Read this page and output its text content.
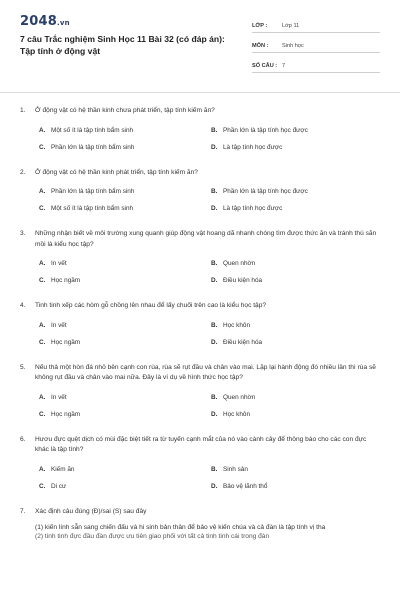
2048.vn
7 câu Trắc nghiệm Sinh Học 11 Bài 32 (có đáp án): Tập tính ở động vật
LỚP :	Lớp 11
MÔN :	Sinh học
SỐ CÂU : 7
1.	Ở động vật có hệ thần kinh chưa phát triển, tập tính kiếm ăn?
A. Một số ít là tập tính bẩm sinh	B. Phần lớn là tập tính học được
C. Phần lớn là tập tính bẩm sinh	D. Là tập tính học được
2.	Ở động vật có hệ thần kinh phát triển, tập tính kiếm ăn?
A. Phần lớn là tập tính bẩm sinh	B. Phần lớn là tập tính học được
C. Một số ít là tập tính bẩm sinh	D. Là tập tính học được
3.	Những nhận biết về môi trường xung quanh giúp động vật hoang dã nhanh chóng tìm được thức ăn và tránh thú săn mồi là kiểu học tập?
A. In vết	B. Quen nhờn
C. Học ngầm	D. Điều kiện hóa
4.	Tinh tinh xếp các hòm gỗ chồng lên nhau để lấy chuối trên cao là kiểu học tập?
A. In vết	B. Học khôn
C. Học ngầm	D. Điều kiện hóa
5.	Nếu thả một hòn đá nhỏ bên cạnh con rùa, rùa sẽ rụt đầu và chân vào mai. Lặp lại hành động đó nhiều lần thì rùa sẽ không rụt đầu và chân vào mai nữa. Đây là ví dụ về hình thức học tập?
A. In vết	B. Quen nhờn
C. Học ngầm	D. Học khôn
6.	Hươu đực quệt dịch có mùi đặc biệt tiết ra từ tuyến cạnh mắt của nó vào cành cây để thông báo cho các con đực khác là tập tính?
A. Kiếm ăn	B. Sinh sản
C. Di cư	D. Bảo vệ lãnh thổ
7.	Xác định câu đúng (Đ)/sai (S) sau đây
(1) kiến lính sẵn sang chiến đấu và hi sinh bản thân để bảo vệ kiến chúa và cả đàn là tập tính vị tha
(2) tinh tinh đực đầu đàn được ưu tiên giao phối với tất cả tinh tinh cái trong đàn
